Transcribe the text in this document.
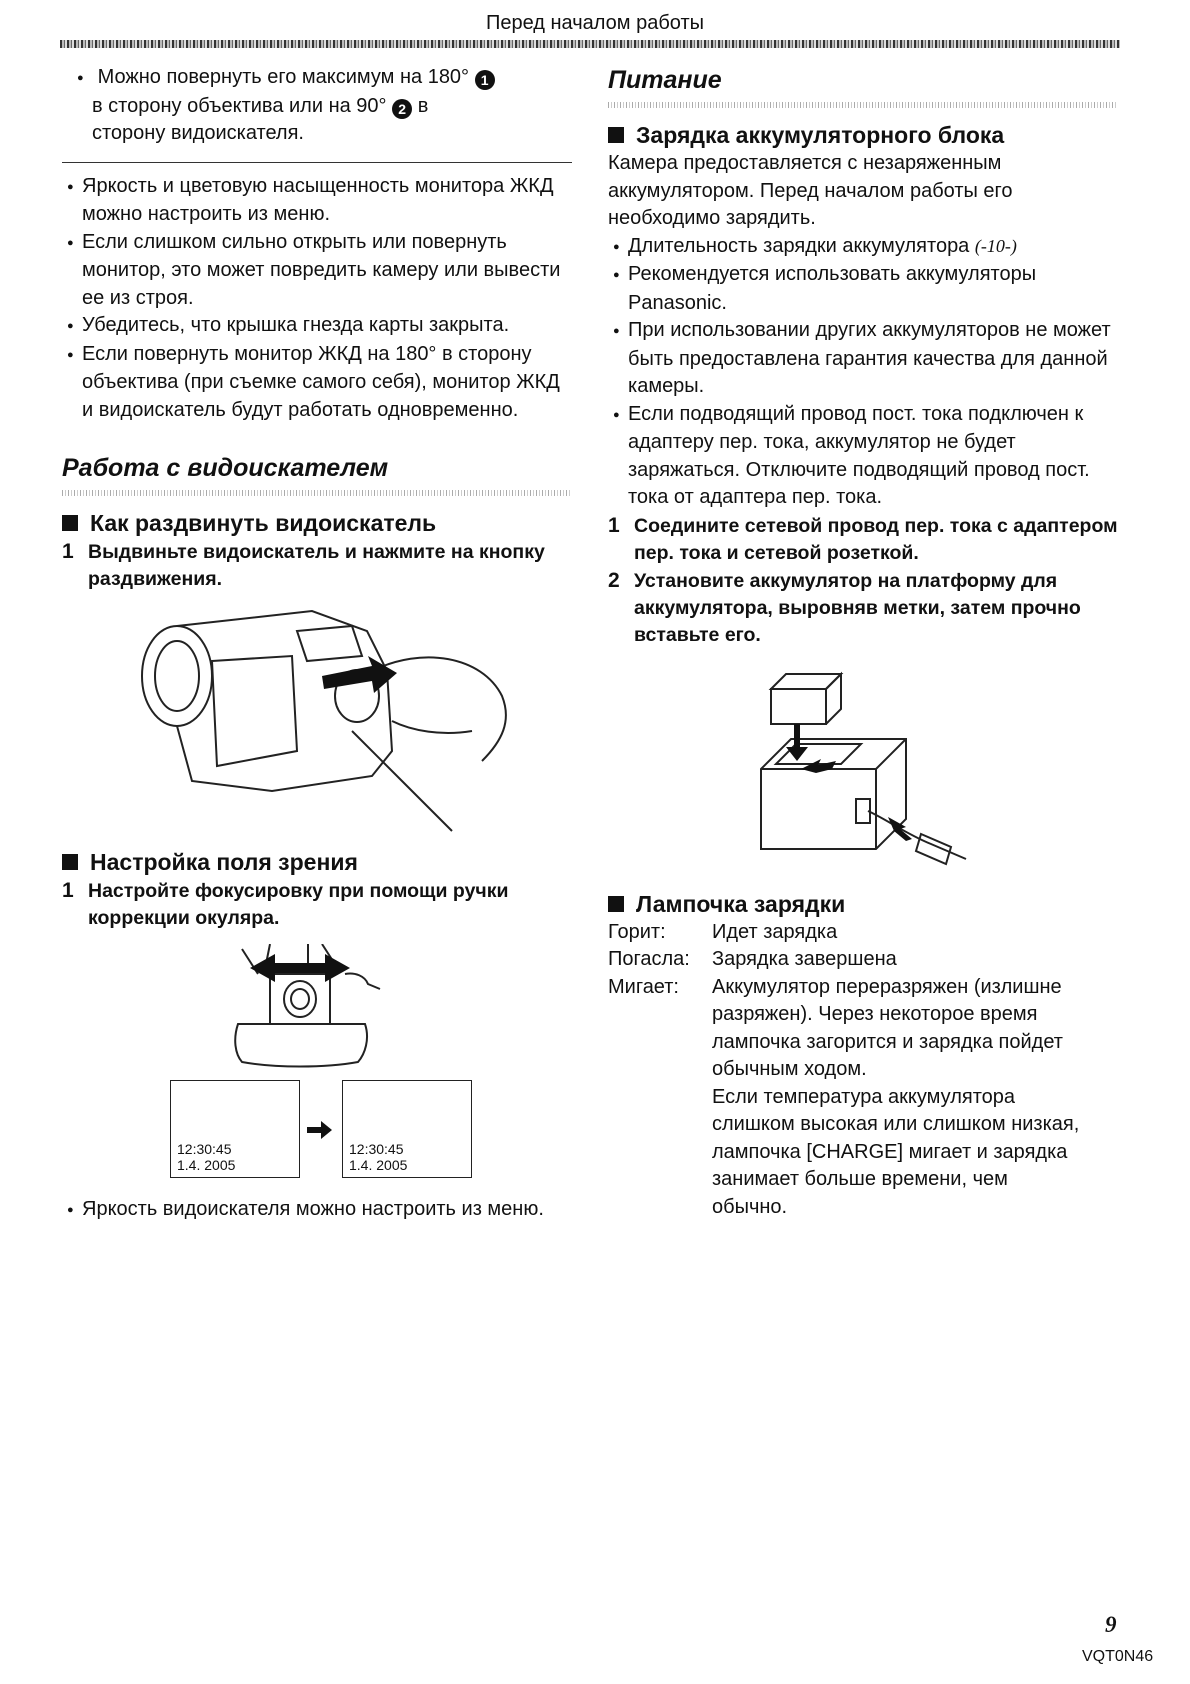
Перед началом работы
● Можно повернуть его максимум на 180° 1
в сторону объектива или на 90° 2 в
сторону видоискателя.
● Яркость и цветовую насыщенность монитора ЖКД можно настроить из меню.
● Если слишком сильно открыть или повернуть монитор, это может повредить камеру или вывести ее из строя.
● Убедитесь, что крышка гнезда карты закрыта.
● Если повернуть монитор ЖКД на 180° в сторону объектива (при съемке самого себя), монитор ЖКД и видоискатель будут работать одновременно.
Работа с видоискателем
Как раздвинуть видоискатель
1 Выдвиньте видоискатель и нажмите на кнопку раздвижения.
Настройка поля зрения
1 Настройте фокусировку при помощи ручки коррекции окуляра.
12:30:45
1.4. 2005
12:30:45
1.4. 2005
● Яркость видоискателя можно настроить из меню.
Питание
Зарядка аккумуляторного блока
Камера предоставляется с незаряженным аккумулятором. Перед началом работы его необходимо зарядить.
● Длительность зарядки аккумулятора (-10-)
● Рекомендуется использовать аккумуляторы Panasonic.
● При использовании других аккумуляторов не может быть предоставлена гарантия качества для данной камеры.
● Если подводящий провод пост. тока подключен к адаптеру пер. тока, аккумулятор не будет заряжаться. Отключите подводящий провод пост. тока от адаптера пер. тока.
1 Соедините сетевой провод пер. тока с адаптером пер. тока и сетевой розеткой.
2 Установите аккумулятор на платформу для аккумулятора, выровняв метки, затем прочно вставьте его.
Лампочка зарядки
Горит:	Идет зарядка
Погасла:	Зарядка завершена
Мигает:	Аккумулятор переразряжен (излишне разряжен). Через некоторое время лампочка загорится и зарядка пойдет обычным ходом.
Если температура аккумулятора слишком высокая или слишком низкая, лампочка [CHARGE] мигает и зарядка занимает больше времени, чем обычно.
9
VQT0N46
